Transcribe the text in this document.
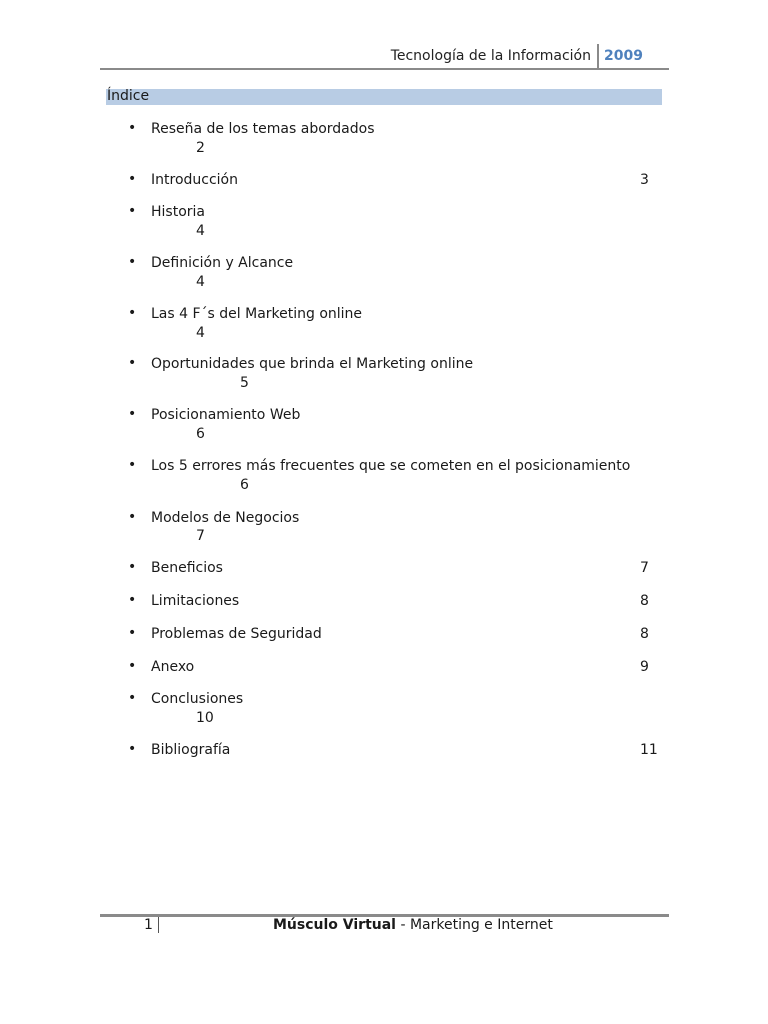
Tecnología de la Información 2009
Índice
• Reseña de los temas abordados
2
• Introducción	3
• Historia
4
• Definición y Alcance
4
• Las 4 F´s del Marketing online
4
• Oportunidades que brinda el Marketing online
5
• Posicionamiento Web
6
• Los 5 errores más frecuentes que se cometen en el posicionamiento
6
• Modelos de Negocios
7
• Beneficios	7
• Limitaciones	8
• Problemas de Seguridad	8
• Anexo	9
• Conclusiones
10
• Bibliografía	11
1	Músculo Virtual - Marketing e Internet
